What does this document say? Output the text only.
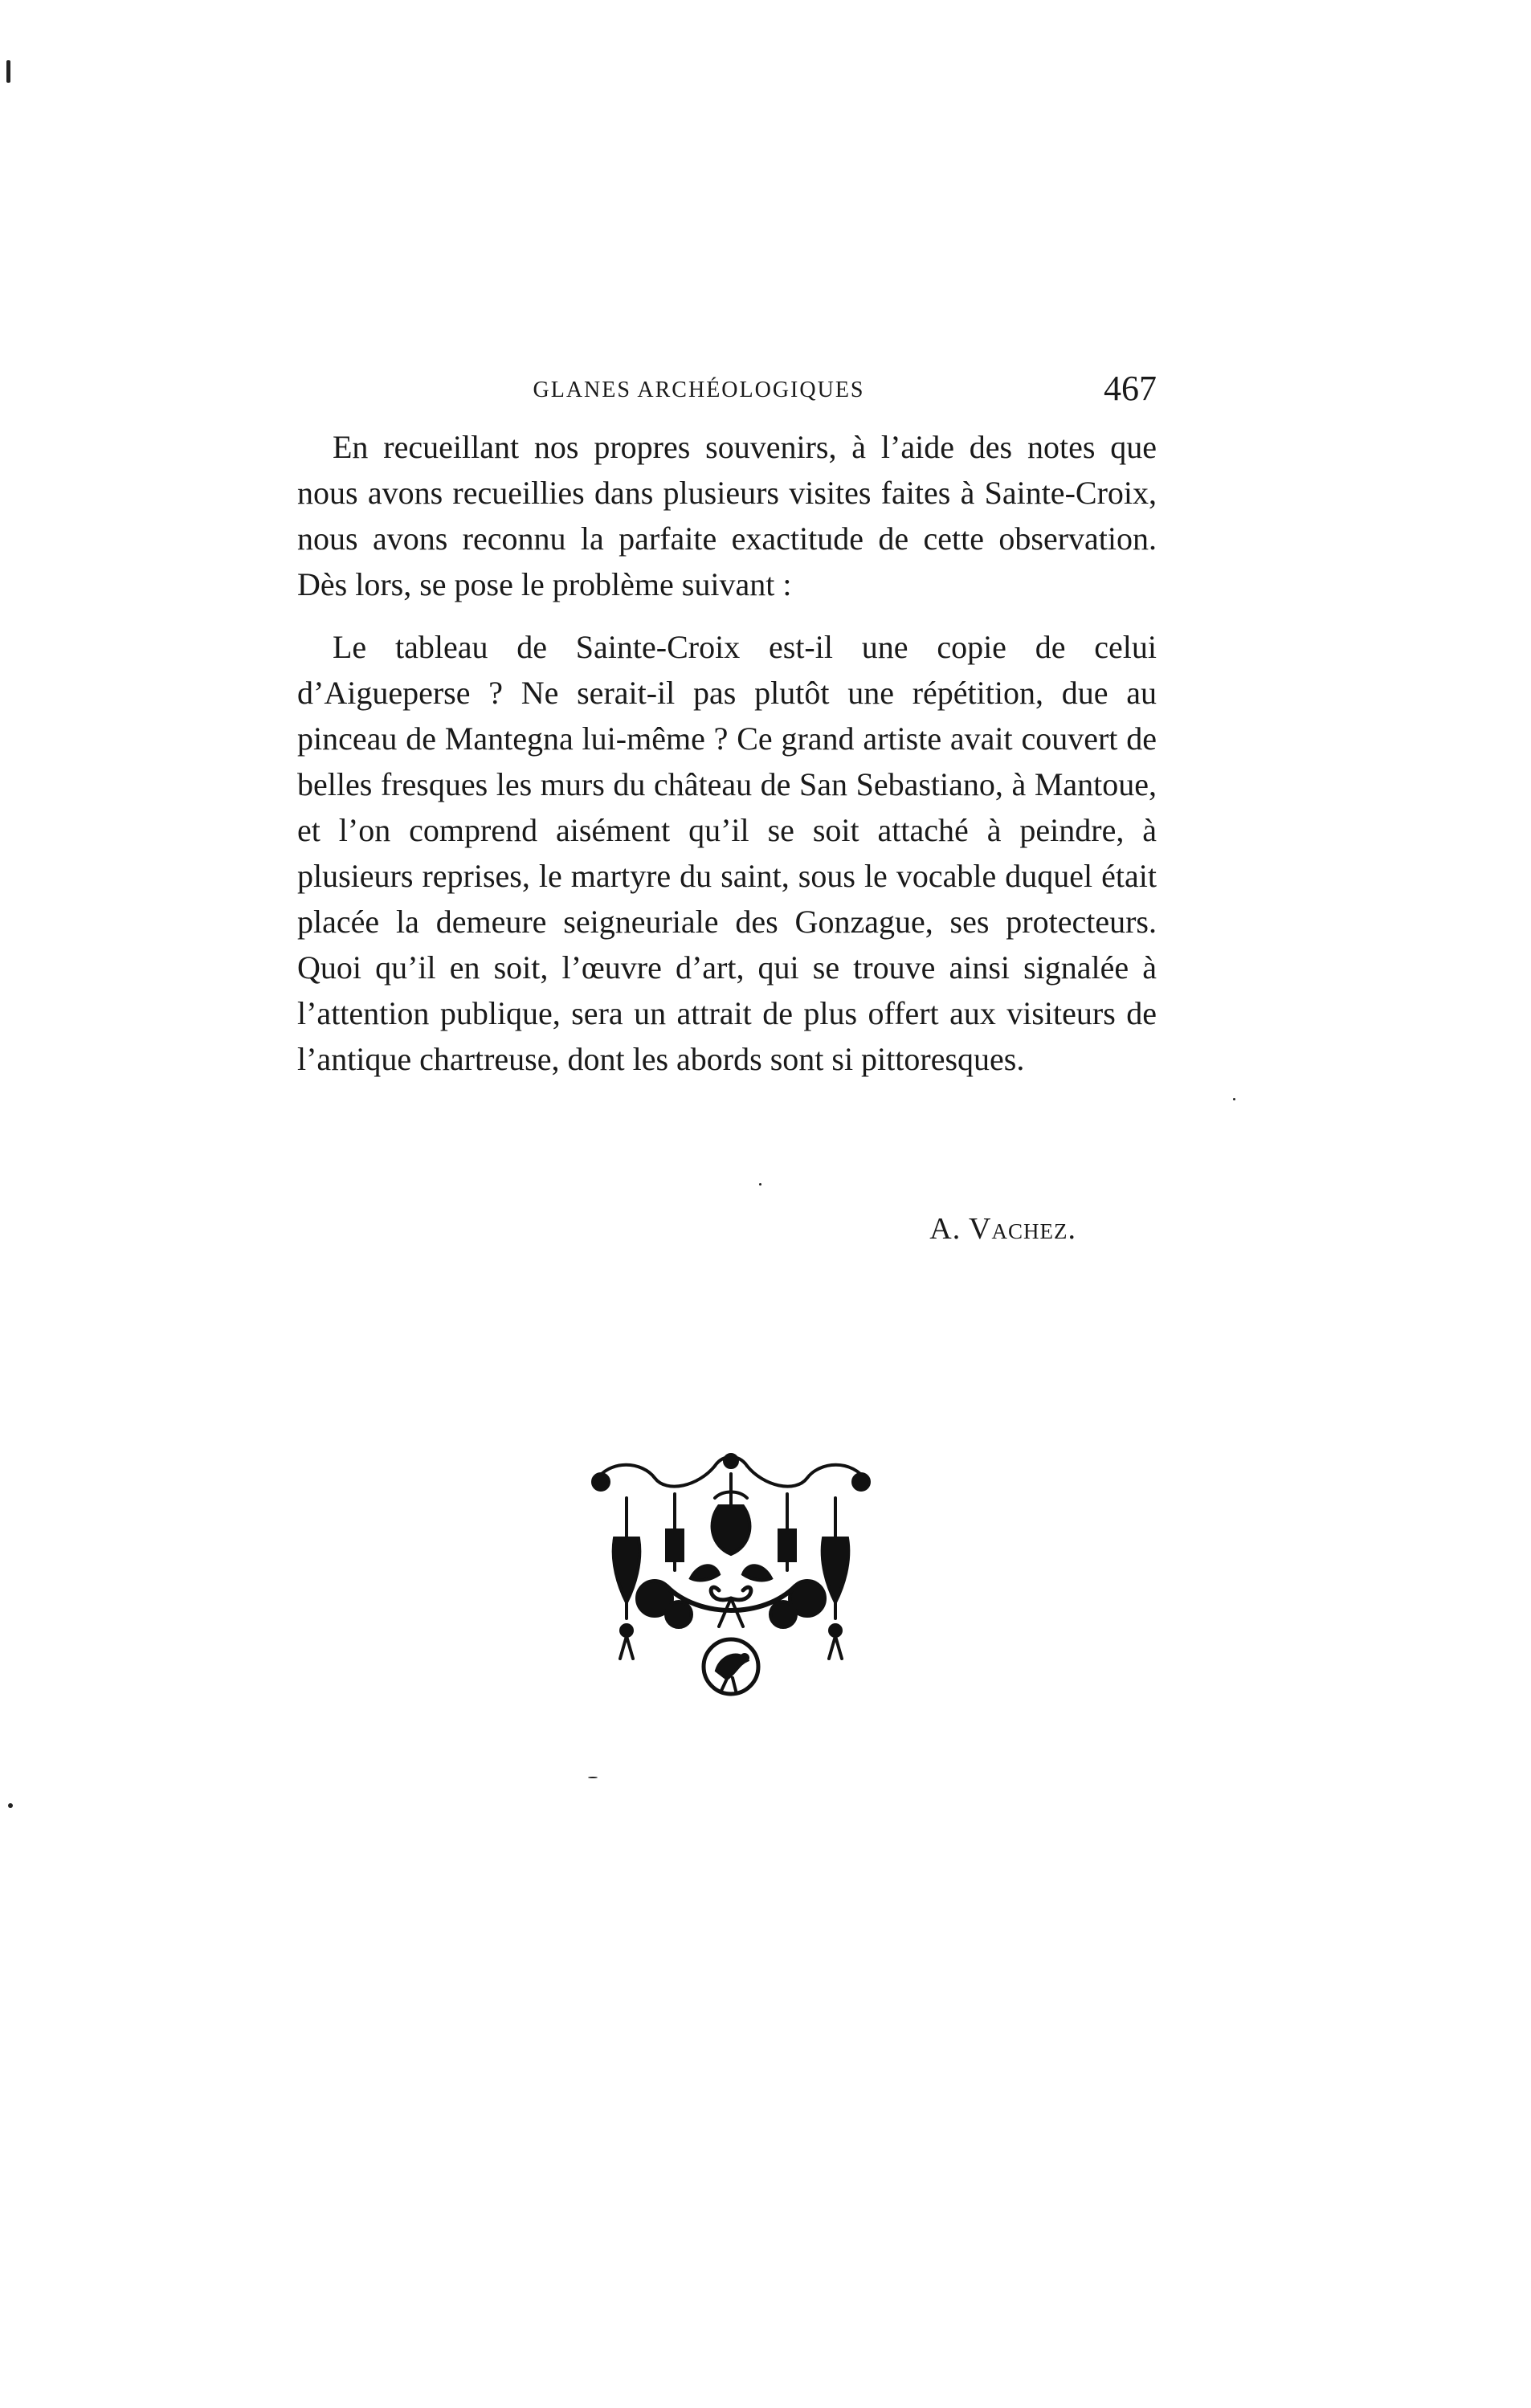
GLANES ARCHÉOLOGIQUES	467

En recueillant nos propres souvenirs, à l’aide des notes que nous avons recueillies dans plusieurs visites faites à Sainte-Croix, nous avons reconnu la parfaite exactitude de cette observation. Dès lors, se pose le problème suivant :

Le tableau de Sainte-Croix est-il une copie de celui d’Aigueperse ? Ne serait-il pas plutôt une répétition, due au pinceau de Mantegna lui-même ? Ce grand artiste avait couvert de belles fresques les murs du château de San Sebastiano, à Mantoue, et l’on comprend aisément qu’il se soit attaché à peindre, à plusieurs reprises, le martyre du saint, sous le vocable duquel était placée la demeure seigneuriale des Gonzague, ses protecteurs. Quoi qu’il en soit, l’œuvre d’art, qui se trouve ainsi signalée à l’attention publique, sera un attrait de plus offert aux visiteurs de l’antique chartreuse, dont les abords sont si pittoresques.

A. Vachez.
